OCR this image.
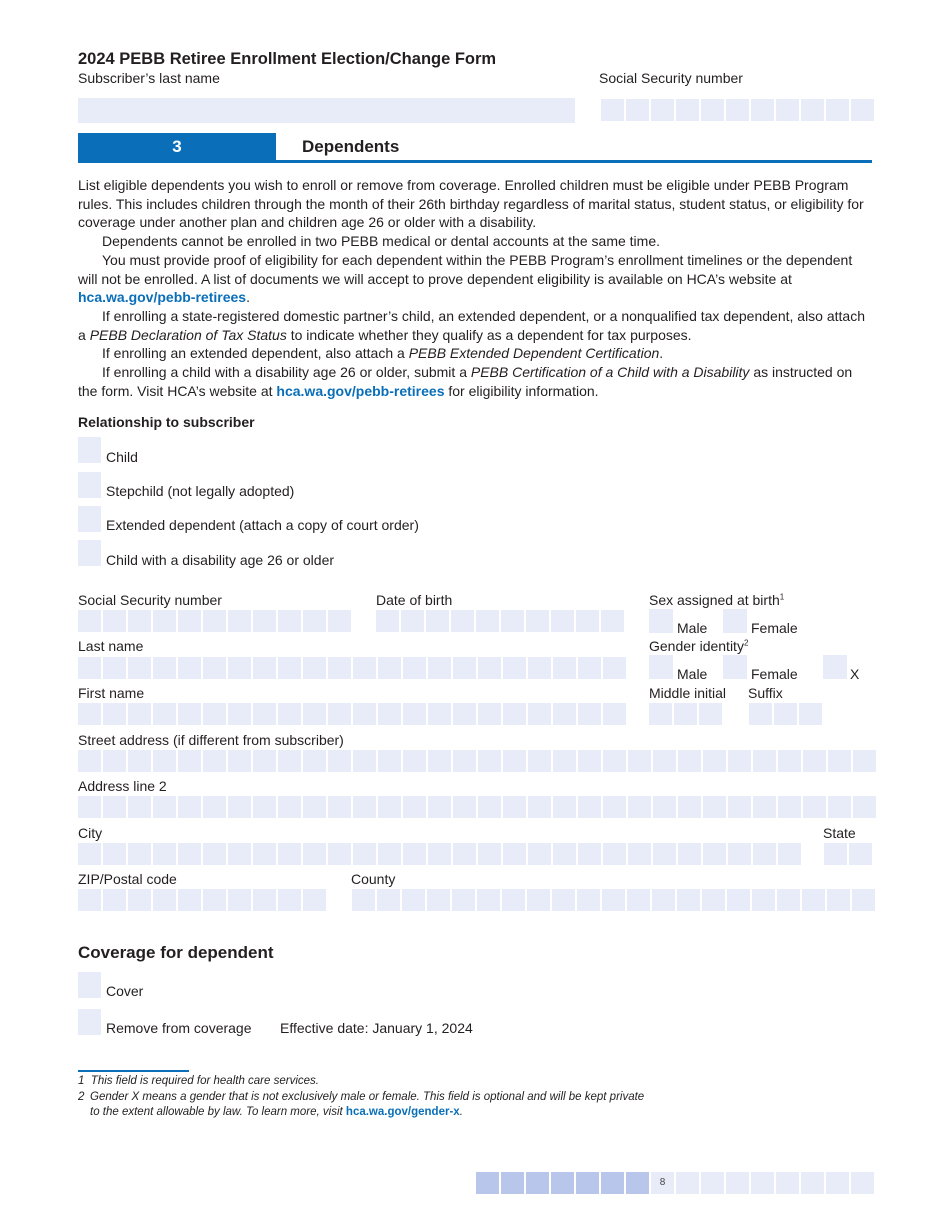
2024 PEBB Retiree Enrollment Election/Change Form
Subscriber’s last name	Social Security number
3	Dependents

List eligible dependents you wish to enroll or remove from coverage. Enrolled children must be eligible under PEBB Program rules. This includes children through the month of their 26th birthday regardless of marital status, student status, or eligibility for coverage under another plan and children age 26 or older with a disability.

Dependents cannot be enrolled in two PEBB medical or dental accounts at the same time.

You must provide proof of eligibility for each dependent within the PEBB Program’s enrollment timelines or the dependent will not be enrolled. A list of documents we will accept to prove dependent eligibility is available on HCA’s website at
hca.wa.gov/pebb-retirees.

If enrolling a state-registered domestic partner’s child, an extended dependent, or a nonqualified tax dependent, also attach a PEBB Declaration of Tax Status to indicate whether they qualify as a dependent for tax purposes.

If enrolling an extended dependent, also attach a PEBB Extended Dependent Certification.

If enrolling a child with a disability age 26 or older, submit a PEBB Certification of a Child with a Disability as instructed on the form. Visit HCA’s website at hca.wa.gov/pebb-retirees for eligibility information.

Relationship to subscriber
Child
Stepchild (not legally adopted)
Extended dependent (attach a copy of court order)
Child with a disability age 26 or older
Social Security number	Date of birth	Sex assigned at birth$^1$
Male	Female
Last name	Gender identity$^2$
Male	Female	X
First name	Middle initial Suffix
Street address (if different from subscriber)
Address line 2
City	State
ZIP/Postal code	County
Coverage for dependent
Cover
Remove from coverage Effective date: January 1, 2024
1 This field is required for health care services.
2 Gender X means a gender that is not exclusively male or female. This field is optional and will be kept private to the extent allowable by law. To learn more, visit hca.wa.gov/gender-x.
8
